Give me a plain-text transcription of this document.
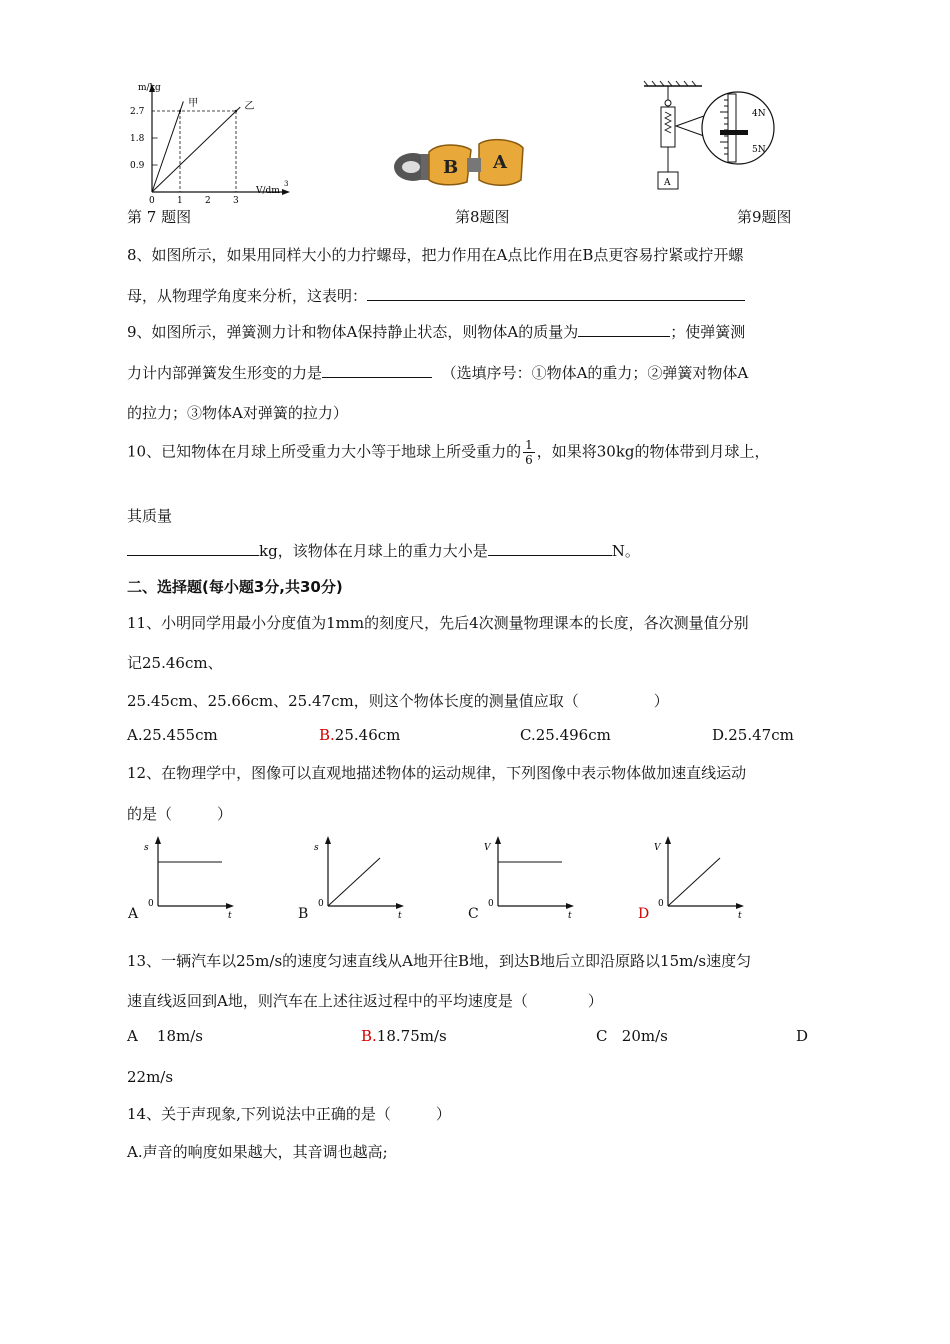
m/kg
V/dm
3
2.7
1.8
0.9
0 1 2 3
甲	乙
第 7 题图
B A
第8题图
A
4N
5N
第9题图
8、如图所示，如果用同样大小的力拧螺母，把力作用在A点比作用在B点更容易拧紧或拧开螺
母，从物理学角度来分析，这表明：
9、如图所示，弹簧测力计和物体A保持静止状态，则物体A的质量为	；使弹簧测
力计内部弹簧发生形变的力是	（选填序号：①物体A的重力；②弹簧对物体A
的拉力；③物体A对弹簧的拉力）
10、已知物体在月球上所受重力大小等于地球上所受重力的 $\frac{1}{6}$ ，如果将30kg的物体带到月球上，
其质量
kg，该物体在月球上的重力大小是	N。
二、选择题(每小题3分,共30分)
11、小明同学用最小分度值为1mm的刻度尺，先后4次测量物理课本的长度，各次测量值分别
记25.46cm、
25.45cm、25.66cm、25.47cm，则这个物体长度的测量值应取（　　　　　）
A.25.455cm	B.25.46cm	C.25.496cm	D.25.47cm
12、在物理学中，图像可以直观地描述物体的运动规律，下列图像中表示物体做加速直线运动
的是（　　　）
s
0
t
A
s
0
t
B
V
0
t
C
V
0
t
D
13、一辆汽车以25m/s的速度匀速直线从A地开往B地，到达B地后立即沿原路以15m/s速度匀
速直线返回到A地，则汽车在上述往返过程中的平均速度是（　　　　）
A 18m/s	B.18.75m/s	C 20m/s	D
22m/s
14、关于声现象,下列说法中正确的是（　　　）
A.声音的响度如果越大，其音调也越高;
